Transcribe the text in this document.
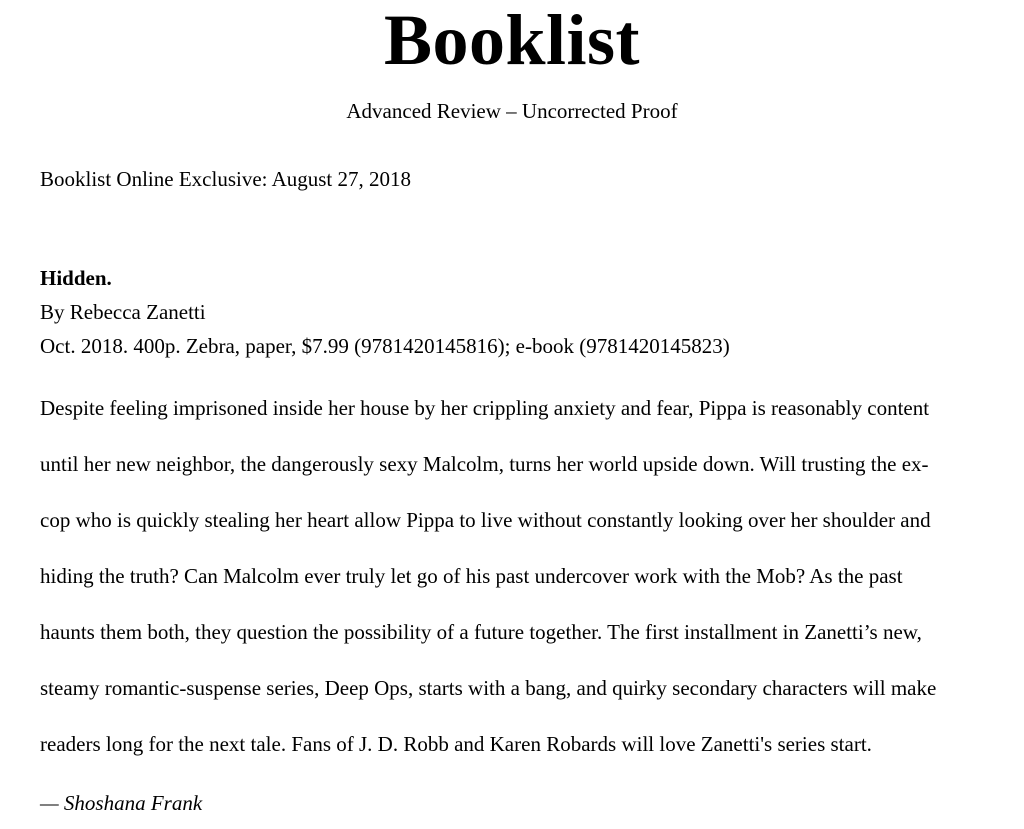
Booklist
Advanced Review – Uncorrected Proof
Booklist Online Exclusive: August 27, 2018
Hidden.
By Rebecca Zanetti
Oct. 2018. 400p. Zebra, paper, $7.99 (9781420145816); e-book (9781420145823)
Despite feeling imprisoned inside her house by her crippling anxiety and fear, Pippa is reasonably content
until her new neighbor, the dangerously sexy Malcolm, turns her world upside down. Will trusting the ex-
cop who is quickly stealing her heart allow Pippa to live without constantly looking over her shoulder and
hiding the truth? Can Malcolm ever truly let go of his past undercover work with the Mob? As the past
haunts them both, they question the possibility of a future together. The first installment in Zanetti’s new,
steamy romantic-suspense series, Deep Ops, starts with a bang, and quirky secondary characters will make
readers long for the next tale. Fans of J. D. Robb and Karen Robards will love Zanetti's series start.
— Shoshana Frank
